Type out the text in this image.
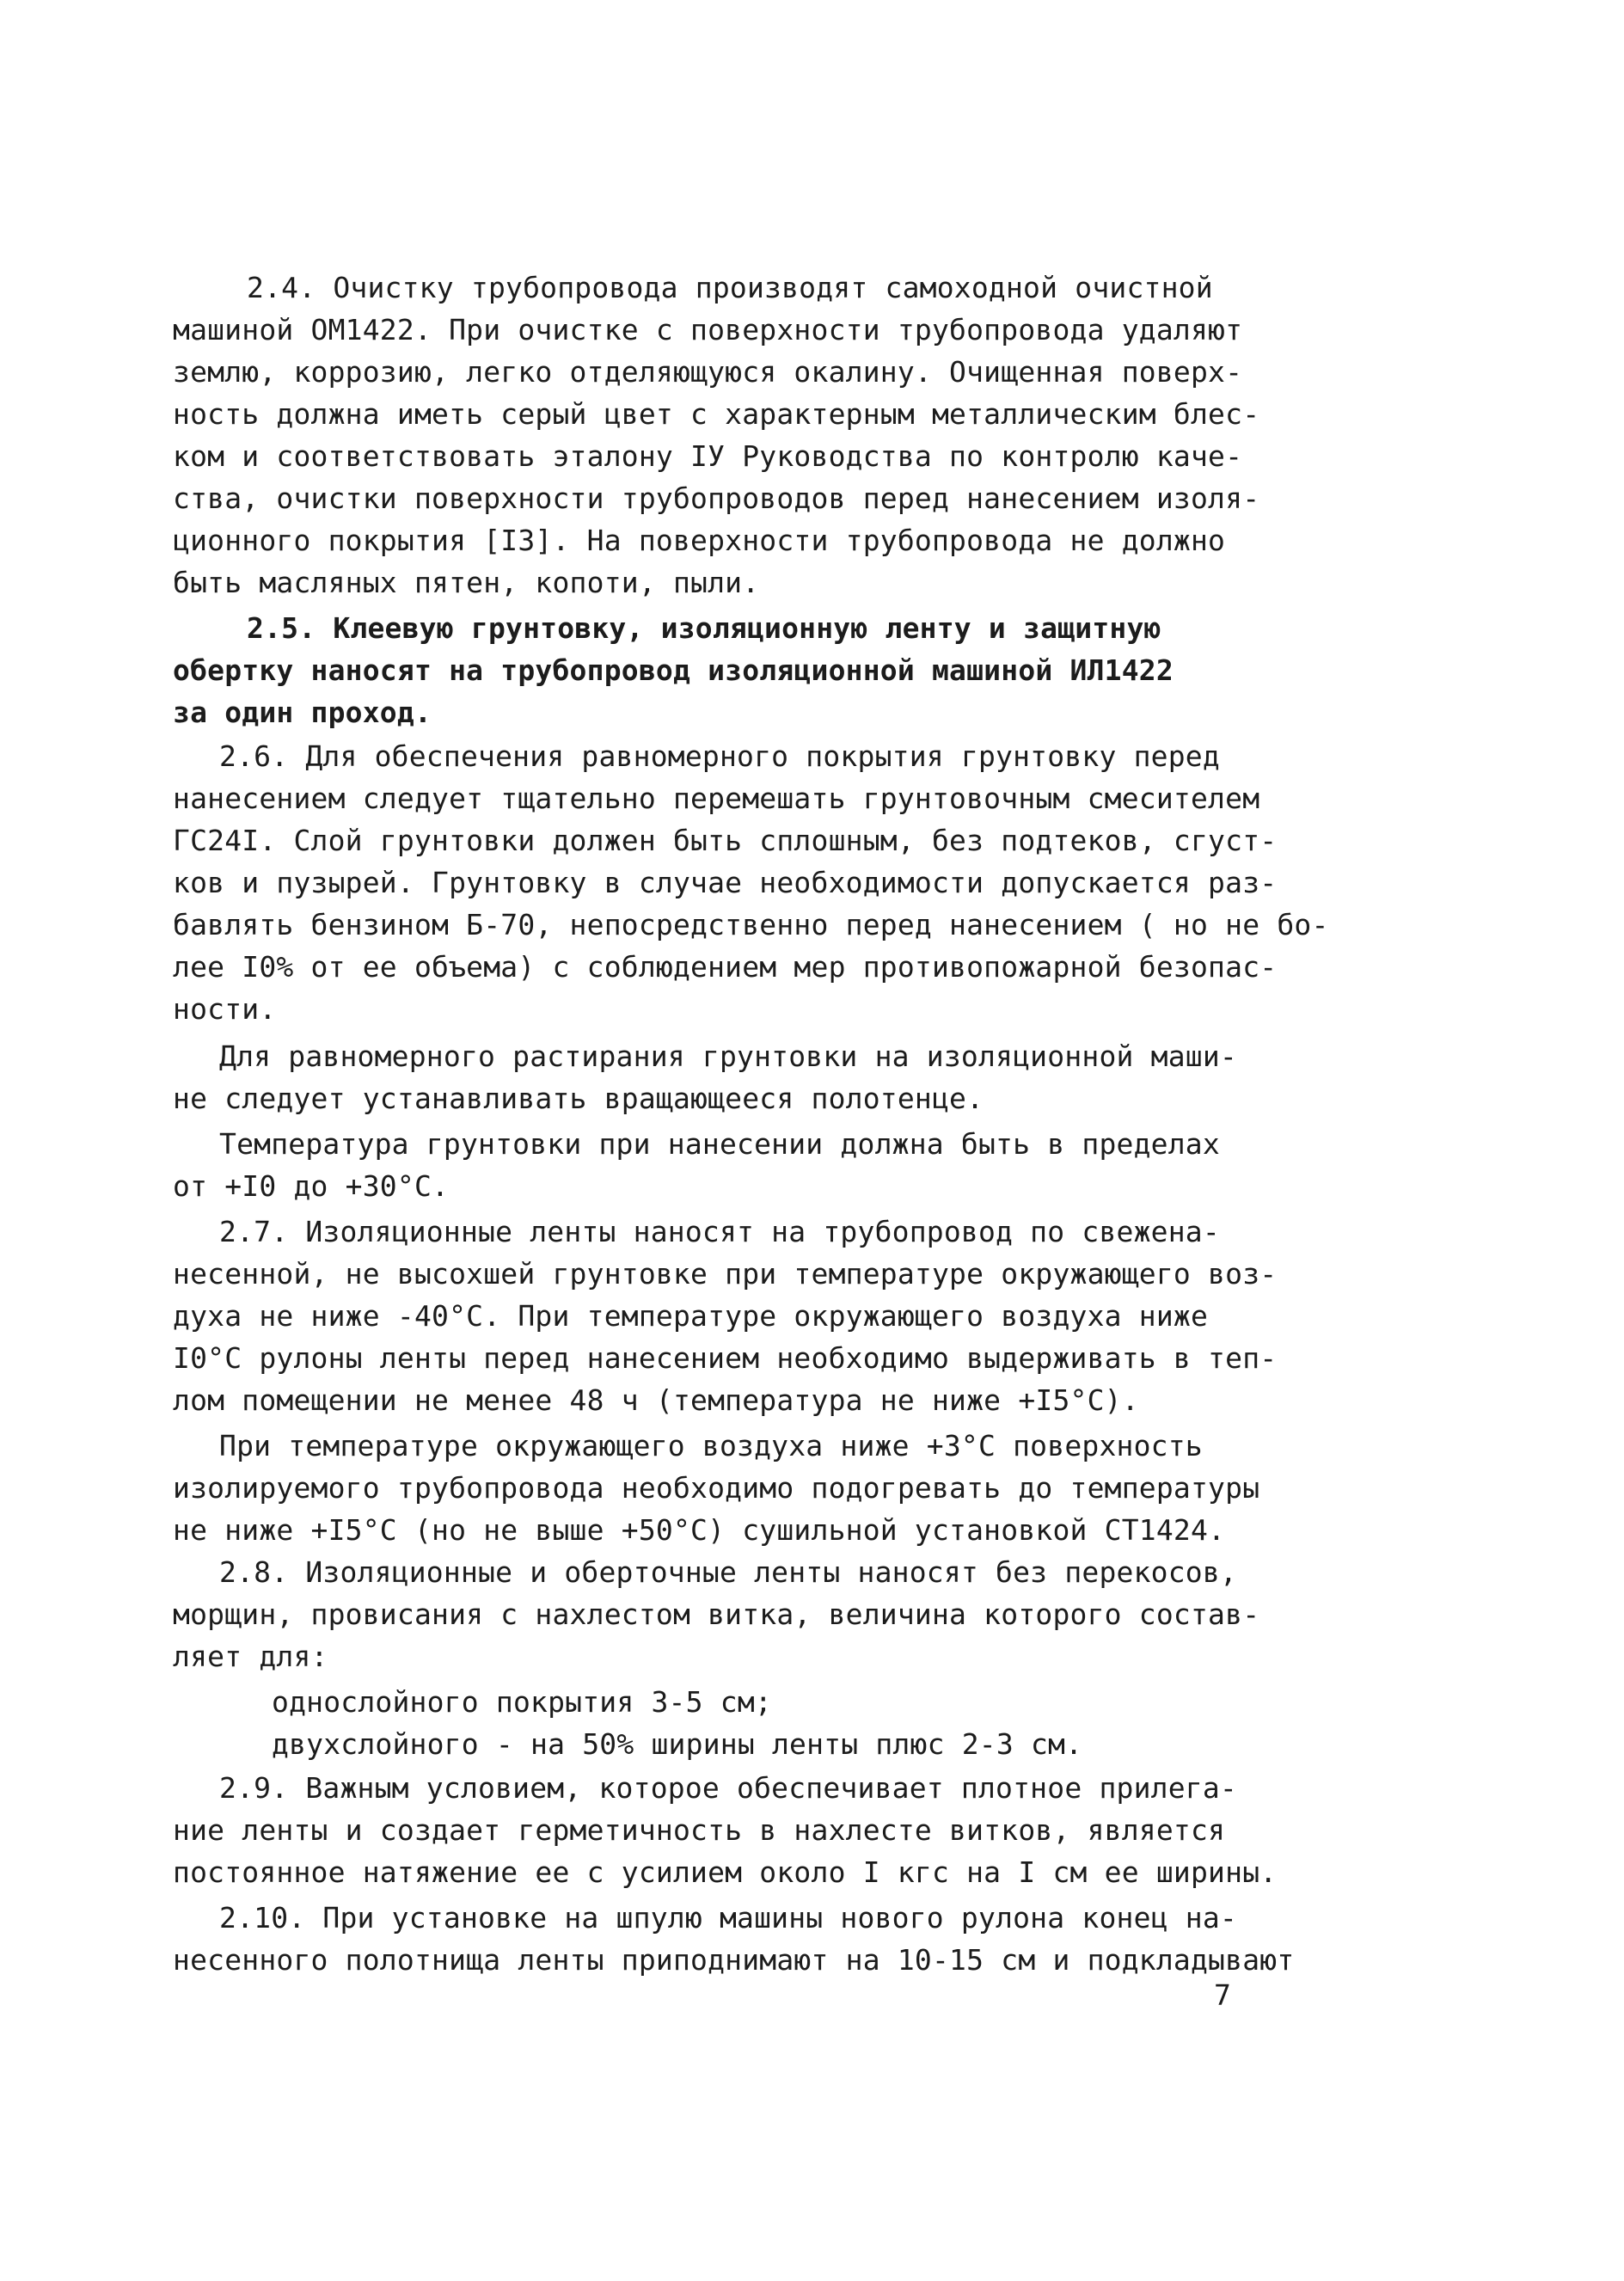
2.4. Очистку трубопровода производят самоходной очистной
машиной ОМ1422. При очистке с поверхности трубопровода удаляют
землю, коррозию, легко отделяющуюся окалину. Очищенная поверх-
ность должна иметь серый цвет с характерным металлическим блес-
ком и соответствовать эталону IУ Руководства по контролю каче-
ства, очистки поверхности трубопроводов перед нанесением изоля-
ционного покрытия [I3]. На поверхности трубопровода не должно
быть масляных пятен, копоти, пыли.
2.5. Клеевую грунтовку, изоляционную ленту и защитную
обертку наносят на трубопровод изоляционной машиной ИЛ1422
за один проход.
2.6. Для обеспечения равномерного покрытия грунтовку перед
нанесением следует тщательно перемешать грунтовочным смесителем
ГС24I. Слой грунтовки должен быть сплошным, без подтеков, сгуст-
ков и пузырей. Грунтовку в случае необходимости допускается раз-
бавлять бензином Б-70, непосредственно перед нанесением ( но не бо-
лее I0% от ее объема) с соблюдением мер противопожарной безопас-
ности.
Для равномерного растирания грунтовки на изоляционной маши-
не следует устанавливать вращающееся полотенце.
Температура грунтовки при нанесении должна быть в пределах
от +I0 до +30°С.
2.7. Изоляционные ленты наносят на трубопровод по свеженa-
несенной, не высохшей грунтовке при температуре окружающего воз-
духа не ниже -40°С. При температуре окружающего воздуха ниже
I0°С рулоны ленты перед нанесением необходимо выдерживать в теп-
лом помещении не менее 48 ч (температура не ниже +I5°С).
При температуре окружающего воздуха ниже +3°С поверхность
изолируемого трубопровода необходимо подогревать до температуры
не ниже +I5°С (но не выше +50°С) сушильной установкой СТ1424.
2.8. Изоляционные и оберточные ленты наносят без перекосов,
морщин, провисания с нахлестом витка, величина которого состав-
ляет для:
однослойного покрытия 3-5 см;
двухслойного - на 50% ширины ленты плюс 2-3 см.
2.9. Важным условием, которое обеспечивает плотное прилега-
ние ленты и создает герметичность в нахлесте витков, является
постоянное натяжение ее с усилием около I кгс на I см ее ширины.
2.10. При установке на шпулю машины нового рулона конец на-
несенного полотнища ленты приподнимают на 10-15 см и подкладывают
7
